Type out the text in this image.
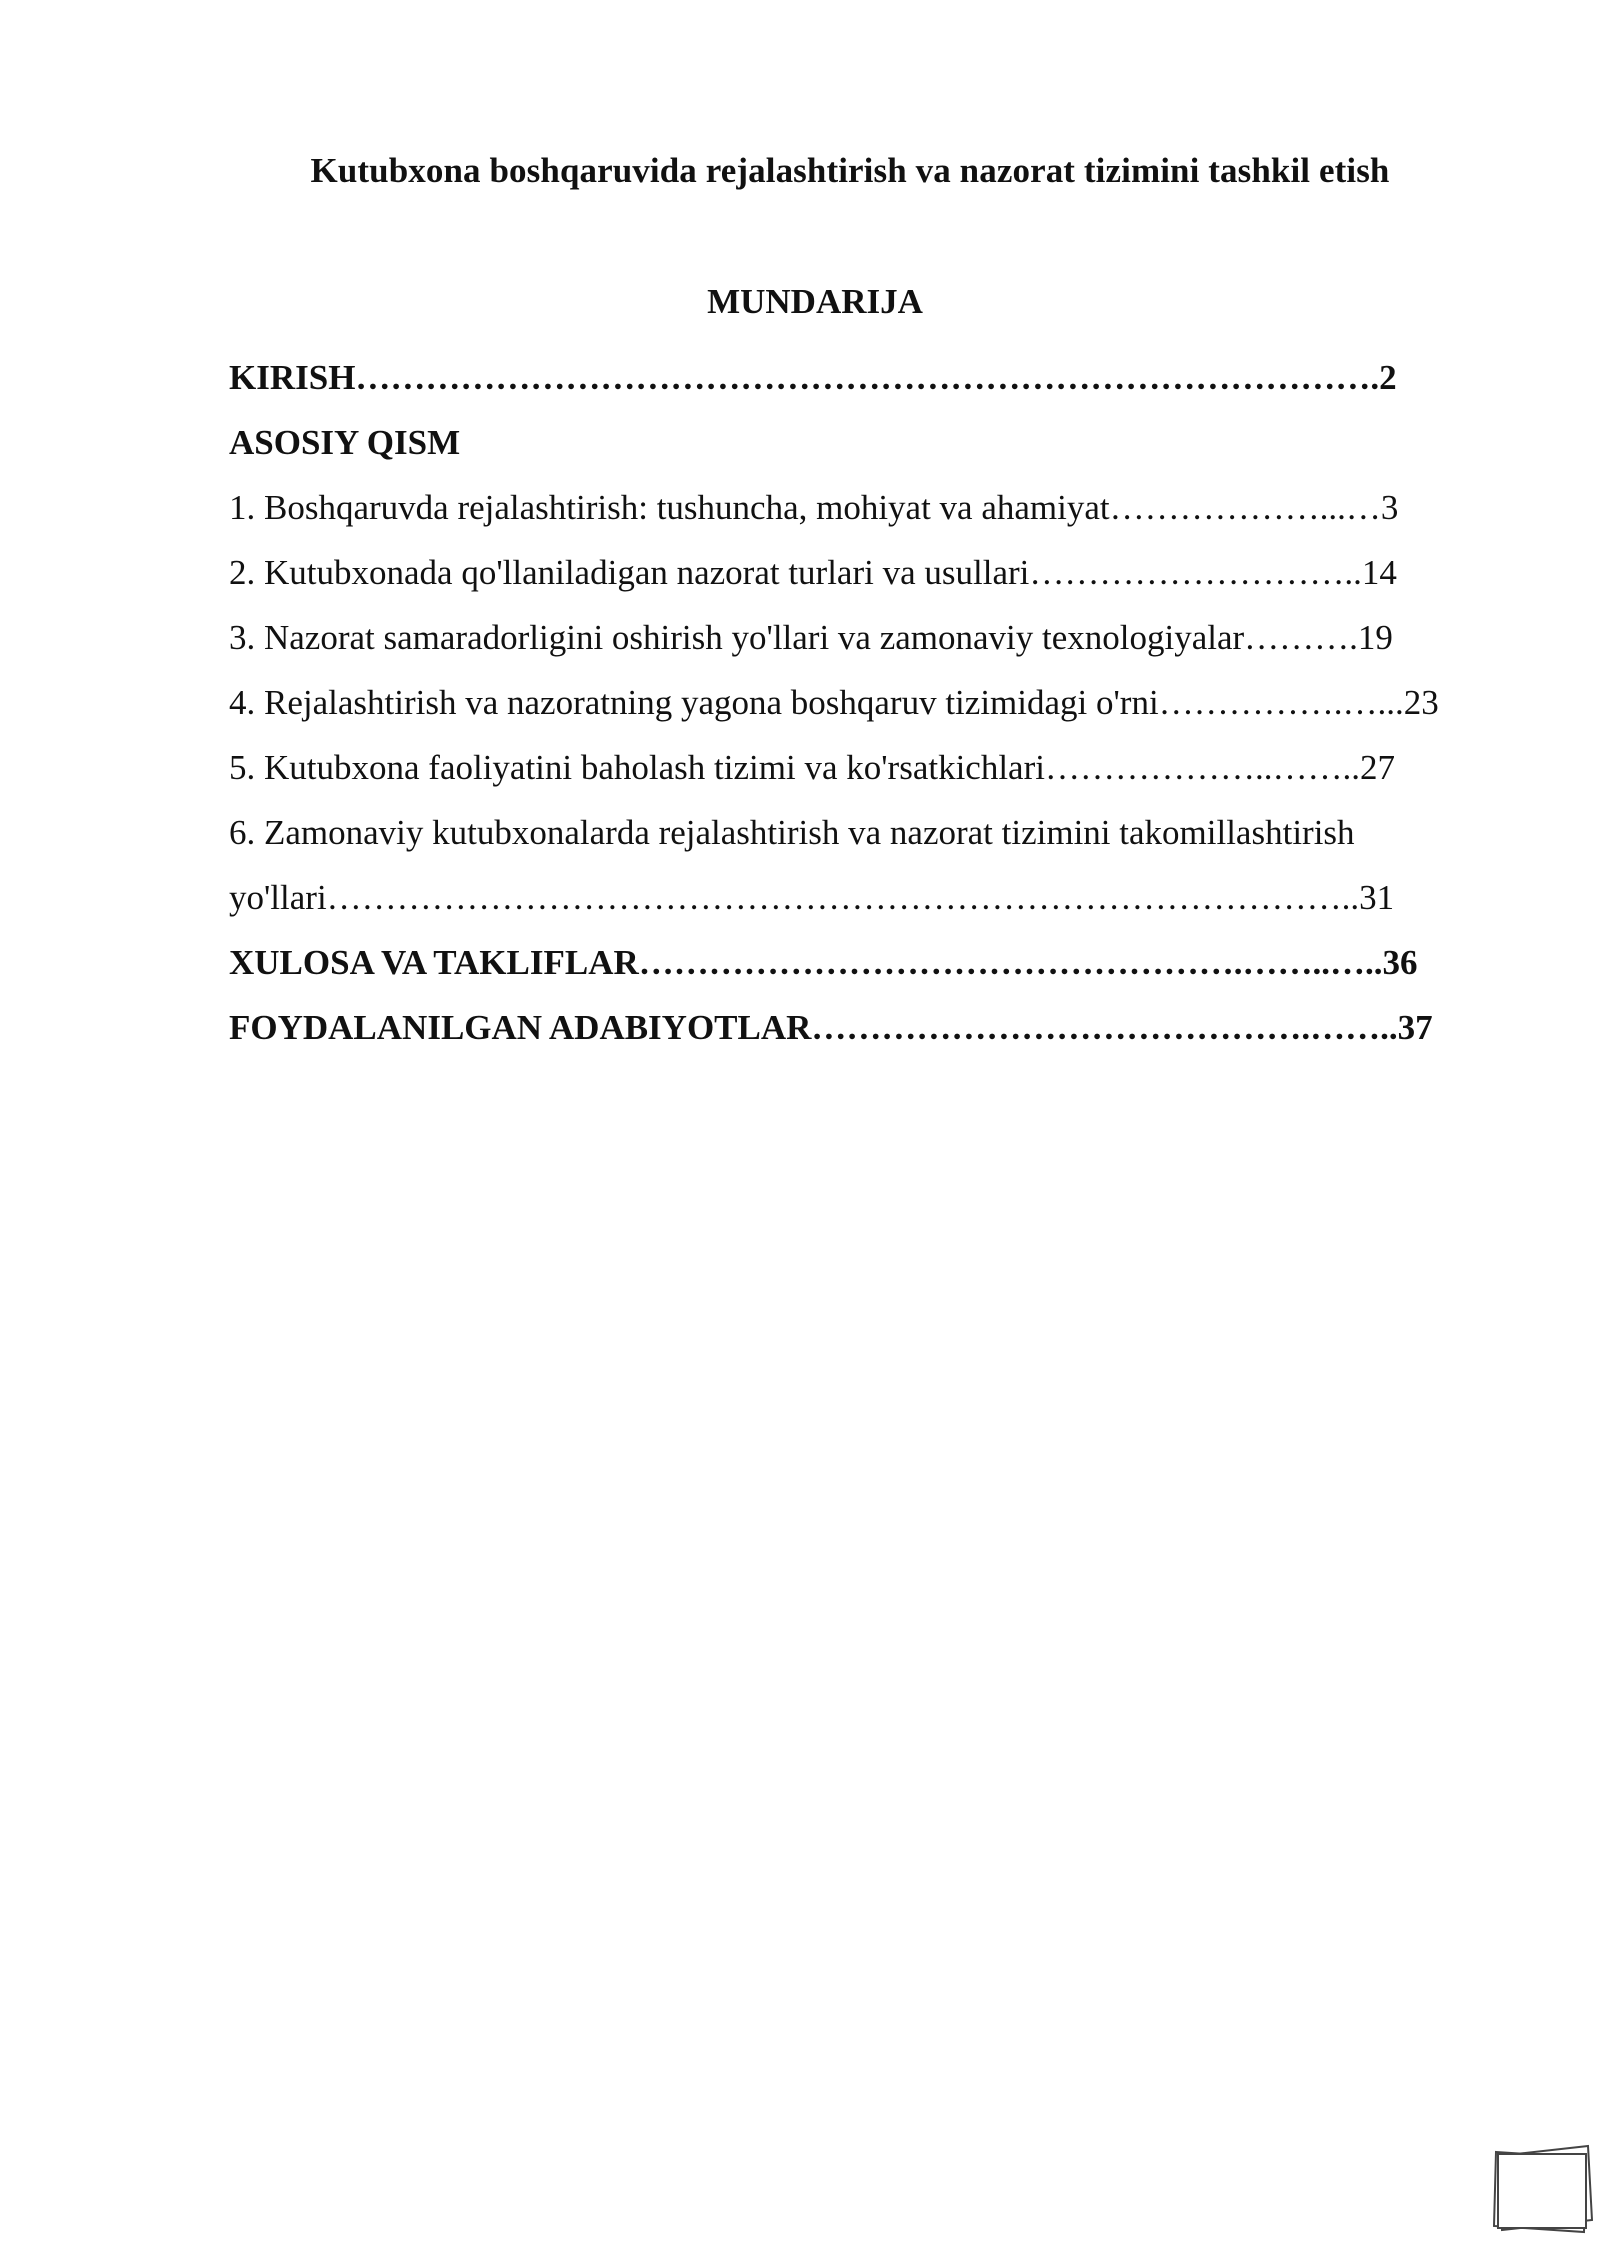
Kutubxona boshqaruvida rejalashtirish va nazorat tizimini tashkil etish
MUNDARIJA
KIRISH…………………………………………………………………………….2
ASOSIY QISM
1. Boshqaruvda rejalashtirish: tushuncha, mohiyat va ahamiyat………………...…3
2. Kutubxonada qo'llaniladigan nazorat turlari va usullari………………………..14
3. Nazorat samaradorligini oshirish yo'llari va zamonaviy texnologiyalar……….19
4. Rejalashtirish va nazoratning yagona boshqaruv tizimidagi o'rni…………….…...23
5. Kutubxona faoliyatini baholash tizimi va ko'rsatkichlari………………..……..27
6. Zamonaviy kutubxonalarda rejalashtirish va nazorat tizimini takomillashtirish
yo'llari……………………………………………………………………………..31
XULOSA VA TAKLIFLAR…………………………………………….……..…..36
FOYDALANILGAN ADABIYOTLAR…………………………………….……..37
